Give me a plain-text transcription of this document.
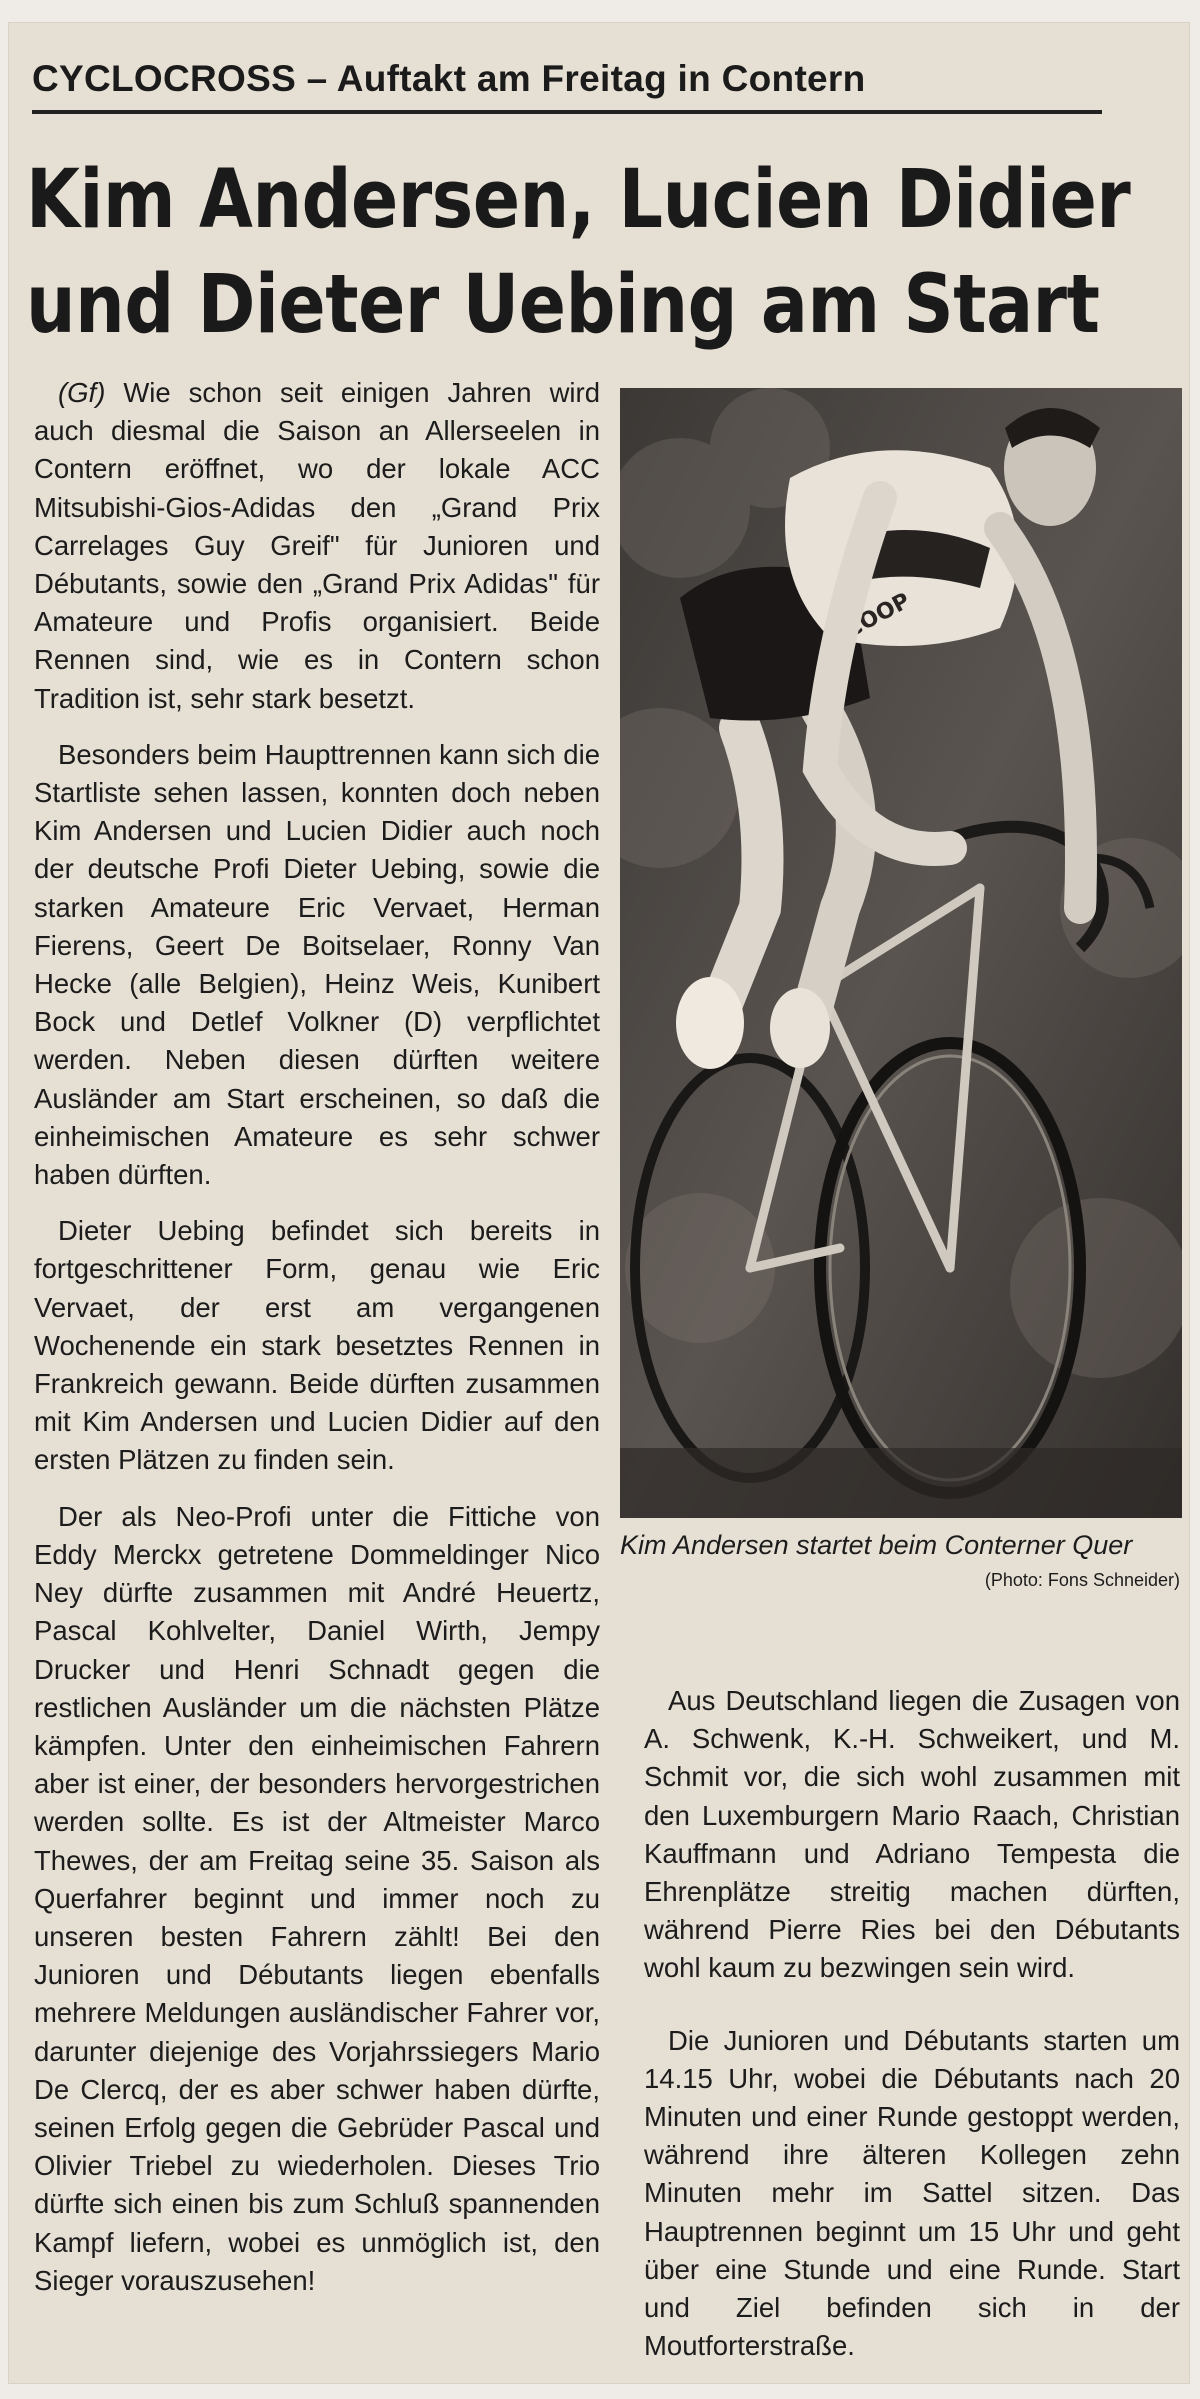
CYCLOCROSS – Auftakt am Freitag in Contern
Kim Andersen, Lucien Didier
und Dieter Uebing am Start

(Gf) Wie schon seit einigen Jahren wird auch diesmal die Saison an Allerseelen in Contern eröffnet, wo der lokale ACC Mitsubishi-Gios-Adidas den „Grand Prix Carrelages Guy Greif" für Junioren und Débutants, sowie den „Grand Prix Adidas" für Amateure und Profis organisiert. Beide Rennen sind, wie es in Contern schon Tradition ist, sehr stark besetzt.

Besonders beim Haupttrennen kann sich die Startliste sehen lassen, konnten doch neben Kim Andersen und Lucien Didier auch noch der deutsche Profi Dieter Uebing, sowie die starken Amateure Eric Vervaet, Herman Fierens, Geert De Boitselaer, Ronny Van Hecke (alle Belgien), Heinz Weis, Kunibert Bock und Detlef Volkner (D) verpflichtet werden. Neben diesen dürften weitere Ausländer am Start erscheinen, so daß die einheimischen Amateure es sehr schwer haben dürften.

Dieter Uebing befindet sich bereits in fortgeschrittener Form, genau wie Eric Vervaet, der erst am vergangenen Wochenende ein stark besetztes Rennen in Frankreich gewann. Beide dürften zusammen mit Kim Andersen und Lucien Didier auf den ersten Plätzen zu finden sein.

Der als Neo-Profi unter die Fittiche von Eddy Merckx getretene Dommeldinger Nico Ney dürfte zusammen mit André Heuertz, Pascal Kohlvelter, Daniel Wirth, Jempy Drucker und Henri Schnadt gegen die restlichen Ausländer um die nächsten Plätze kämpfen. Unter den einheimischen Fahrern aber ist einer, der besonders hervorgestrichen werden sollte. Es ist der Altmeister Marco Thewes, der am Freitag seine 35. Saison als Querfahrer beginnt und immer noch zu unseren besten Fahrern zählt! Bei den Junioren und Débutants liegen ebenfalls mehrere Meldungen ausländischer Fahrer vor, darunter diejenige des Vorjahrssiegers Mario De Clercq, der es aber schwer haben dürfte, seinen Erfolg gegen die Gebrüder Pascal und Olivier Triebel zu wiederholen. Dieses Trio dürfte sich einen bis zum Schluß spannenden Kampf liefern, wobei es unmöglich ist, den Sieger vorauszusehen!

COOP
Kim Andersen startet beim Conterner Quer
(Photo: Fons Schneider)

Aus Deutschland liegen die Zusagen von A. Schwenk, K.-H. Schweikert, und M. Schmit vor, die sich wohl zusammen mit den Luxemburgern Mario Raach, Christian Kauffmann und Adriano Tempesta die Ehrenplätze streitig machen dürften, während Pierre Ries bei den Débutants wohl kaum zu bezwingen sein wird.

Die Junioren und Débutants starten um 14.15 Uhr, wobei die Débutants nach 20 Minuten und einer Runde gestoppt werden, während ihre älteren Kollegen zehn Minuten mehr im Sattel sitzen. Das Hauptrennen beginnt um 15 Uhr und geht über eine Stunde und eine Runde. Start und Ziel befinden sich in der Moutforterstraße.
